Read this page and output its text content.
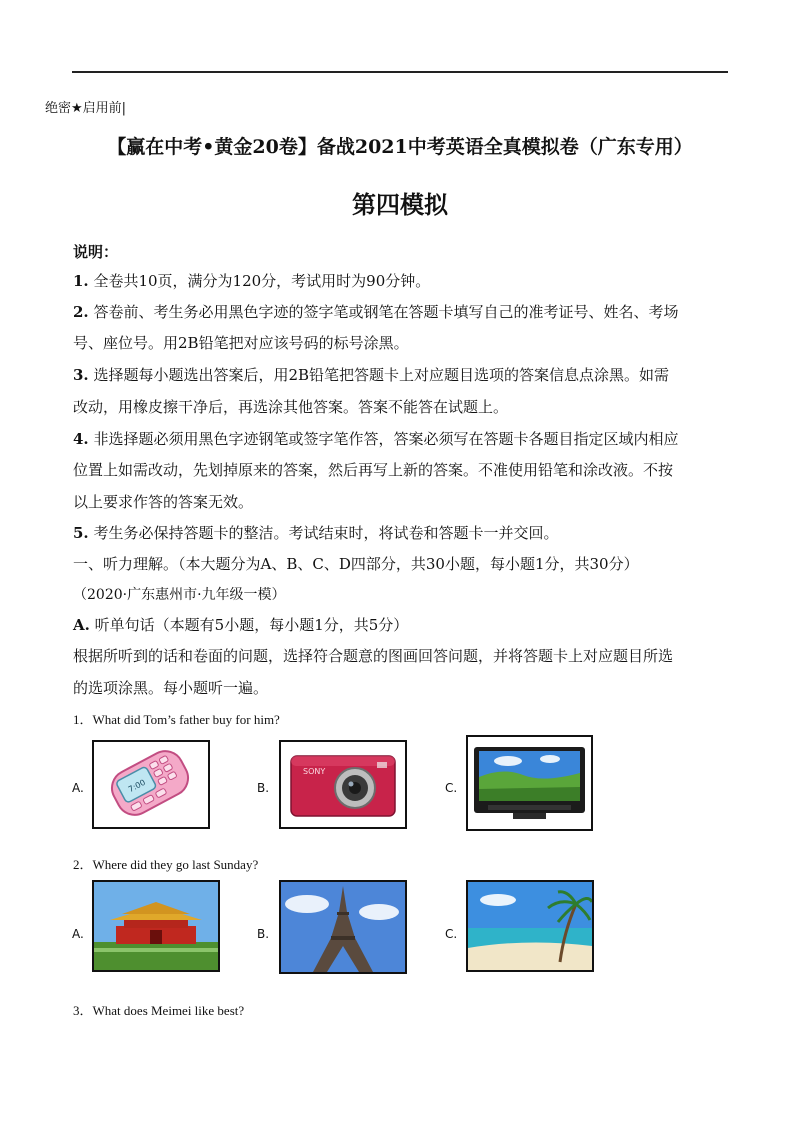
绝密★启用前|
【赢在中考•黄金20卷】备战2021中考英语全真模拟卷（广东专用）
第四模拟
说明：
1. 全卷共10页，满分为120分，考试用时为90分钟。
2. 答卷前、考生务必用黑色字迹的签字笔或钢笔在答题卡填写自己的准考证号、姓名、考场
号、座位号。用2B铅笔把对应该号码的标号涂黑。
3. 选择题每小题选出答案后，用2B铅笔把答题卡上对应题目选项的答案信息点涂黑。如需
改动，用橡皮擦干净后，再选涂其他答案。答案不能答在试题上。
4. 非选择题必须用黑色字迹钢笔或签字笔作答，答案必须写在答题卡各题目指定区域内相应
位置上如需改动，先划掉原来的答案，然后再写上新的答案。不准使用铅笔和涂改液。不按
以上要求作答的答案无效。
5. 考生务必保持答题卡的整洁。考试结束时，将试卷和答题卡一并交回。
一、听力理解。（本大题分为A、B、C、D四部分，共30小题，每小题1分，共30分）
（2020·广东惠州市·九年级一模）
A. 听单句话（本题有5小题，每小题1分，共5分）
根据所听到的话和卷面的问题，选择符合题意的图画回答问题，并将答题卡上对应题目所选
的选项涂黑。每小题听一遍。
1．What did Tom’s father buy for him?
A.	7:00	B.
SONY
C.
2．Where did they go last Sunday?
A.	B.	C.
3．What does Meimei like best?
